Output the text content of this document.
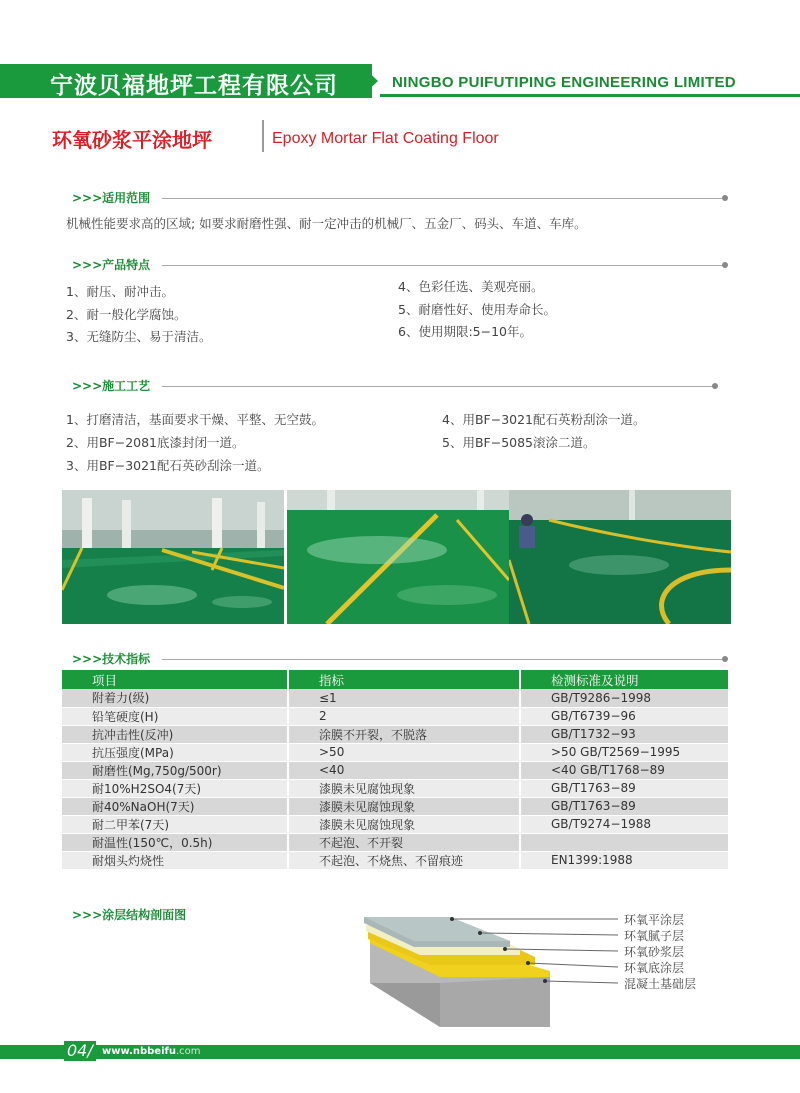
宁波贝福地坪工程有限公司	NINGBO PUIFUTIPING ENGINEERING LIMITED
环氧砂浆平涂地坪	Epoxy Mortar Flat Coating Floor
>>>适用范围
机械性能要求高的区域; 如要求耐磨性强、耐一定冲击的机械厂、五金厂、码头、车道、车库。
>>>产品特点
1、耐压、耐冲击。
2、耐一般化学腐蚀。
3、无缝防尘、易于清洁。
4、色彩任选、美观亮丽。
5、耐磨性好、使用寿命长。
6、使用期限:5−10年。
>>>施工工艺
1、打磨清洁，基面要求干燥、平整、无空鼓。
2、用BF−2081底漆封闭一道。
3、用BF−3021配石英砂刮涂一道。
4、用BF−3021配石英粉刮涂一道。
5、用BF−5085滚涂二道。
>>>技术指标
项目	指标	检测标准及说明
附着力(级)	≤1	GB/T9286−1998
铅笔硬度(H)	2	GB/T6739−96
抗冲击性(反冲)	涂膜不开裂，不脱落	GB/T1732−93
抗压强度(MPa)	>50	>50 GB/T2569−1995
耐磨性(Mg,750g/500r)	<40	<40 GB/T1768−89
耐10%H2SO4(7天)	漆膜未见腐蚀现象	GB/T1763−89
耐40%NaOH(7天)	漆膜未见腐蚀现象	GB/T1763−89
耐二甲苯(7天)	漆膜未见腐蚀现象	GB/T9274−1988
耐温性(150℃，0.5h)	不起泡、不开裂	
耐烟头灼烧性	不起泡、不烧焦、不留痕迹	EN1399:1988
>>>涂层结构剖面图	环氧平涂层
环氧腻子层
环氧砂浆层
环氧底涂层
混凝土基础层
04/ www.nbbeifu.com
